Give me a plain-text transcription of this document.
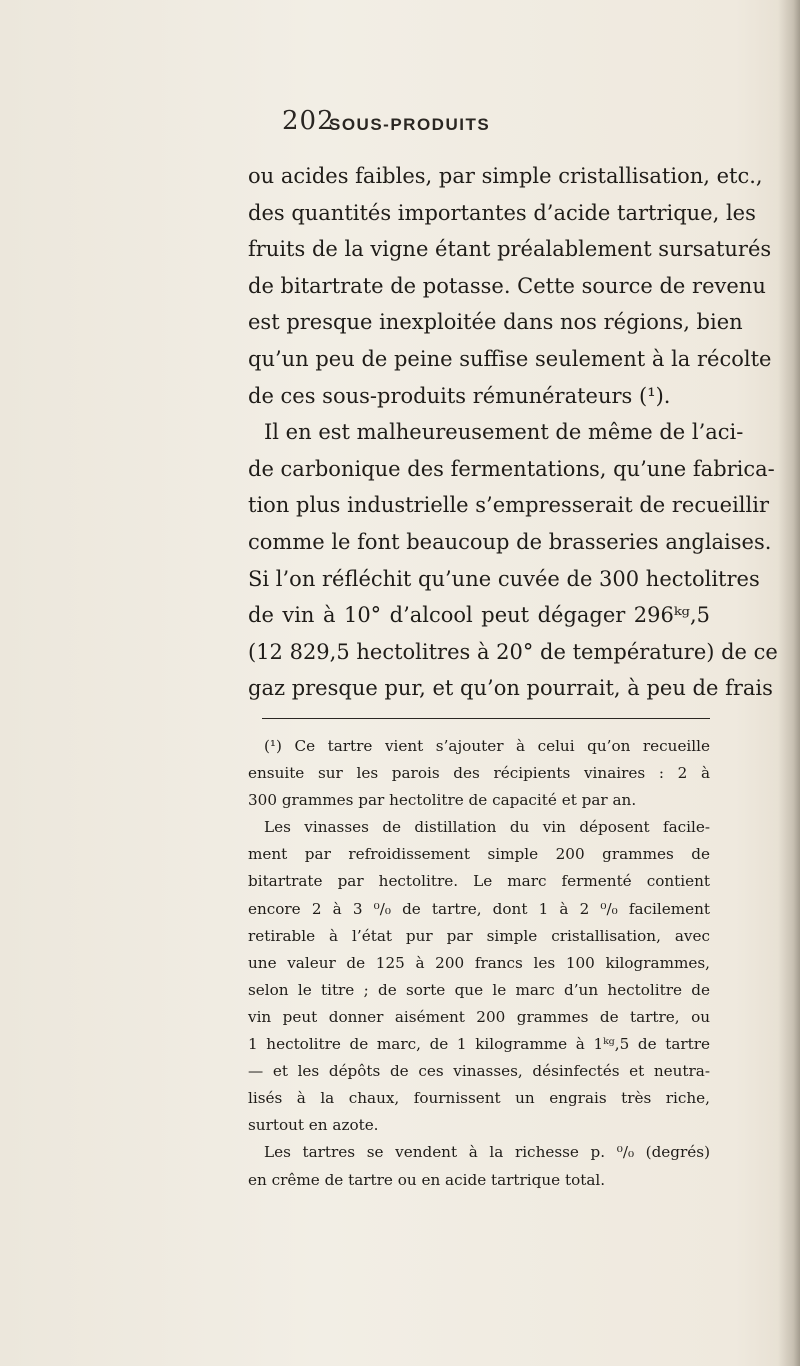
202
SOUS-PRODUITS
ou acides faibles, par simple cristallisation, etc.,
des quantités importantes d’acide tartrique, les
fruits de la vigne étant préalablement sursaturés
de bitartrate de potasse. Cette source de revenu
est presque inexploitée dans nos régions, bien
qu’un peu de peine suffise seulement à la récolte
de ces sous-produits rémunérateurs (¹).
Il en est malheureusement de même de l’aci-
de carbonique des fermentations, qu’une fabrica-
tion plus industrielle s’empresserait de recueillir
comme le font beaucoup de brasseries anglaises.
Si l’on réfléchit qu’une cuvée de 300 hectolitres
de vin à 10° d’alcool peut dégager 296ᵏᵍ,5
(12 829,5 hectolitres à 20° de température) de ce
gaz presque pur, et qu’on pourrait, à peu de frais
(¹) Ce tartre vient s’ajouter à celui qu’on recueille
ensuite sur les parois des récipients vinaires : 2 à
300 grammes par hectolitre de capacité et par an.
Les vinasses de distillation du vin déposent facile-
ment par refroidissement simple 200 grammes de
bitartrate par hectolitre. Le marc fermenté contient
encore 2 à 3 ⁰/₀ de tartre, dont 1 à 2 ⁰/₀ facilement
retirable à l’état pur par simple cristallisation, avec
une valeur de 125 à 200 francs les 100 kilogrammes,
selon le titre ; de sorte que le marc d’un hectolitre de
vin peut donner aisément 200 grammes de tartre, ou
1 hectolitre de marc, de 1 kilogramme à 1ᵏᵍ,5 de tartre
— et les dépôts de ces vinasses, désinfectés et neutra-
lisés à la chaux, fournissent un engrais très riche,
surtout en azote.
Les tartres se vendent à la richesse p. ⁰/₀ (degrés)
en crême de tartre ou en acide tartrique total.
